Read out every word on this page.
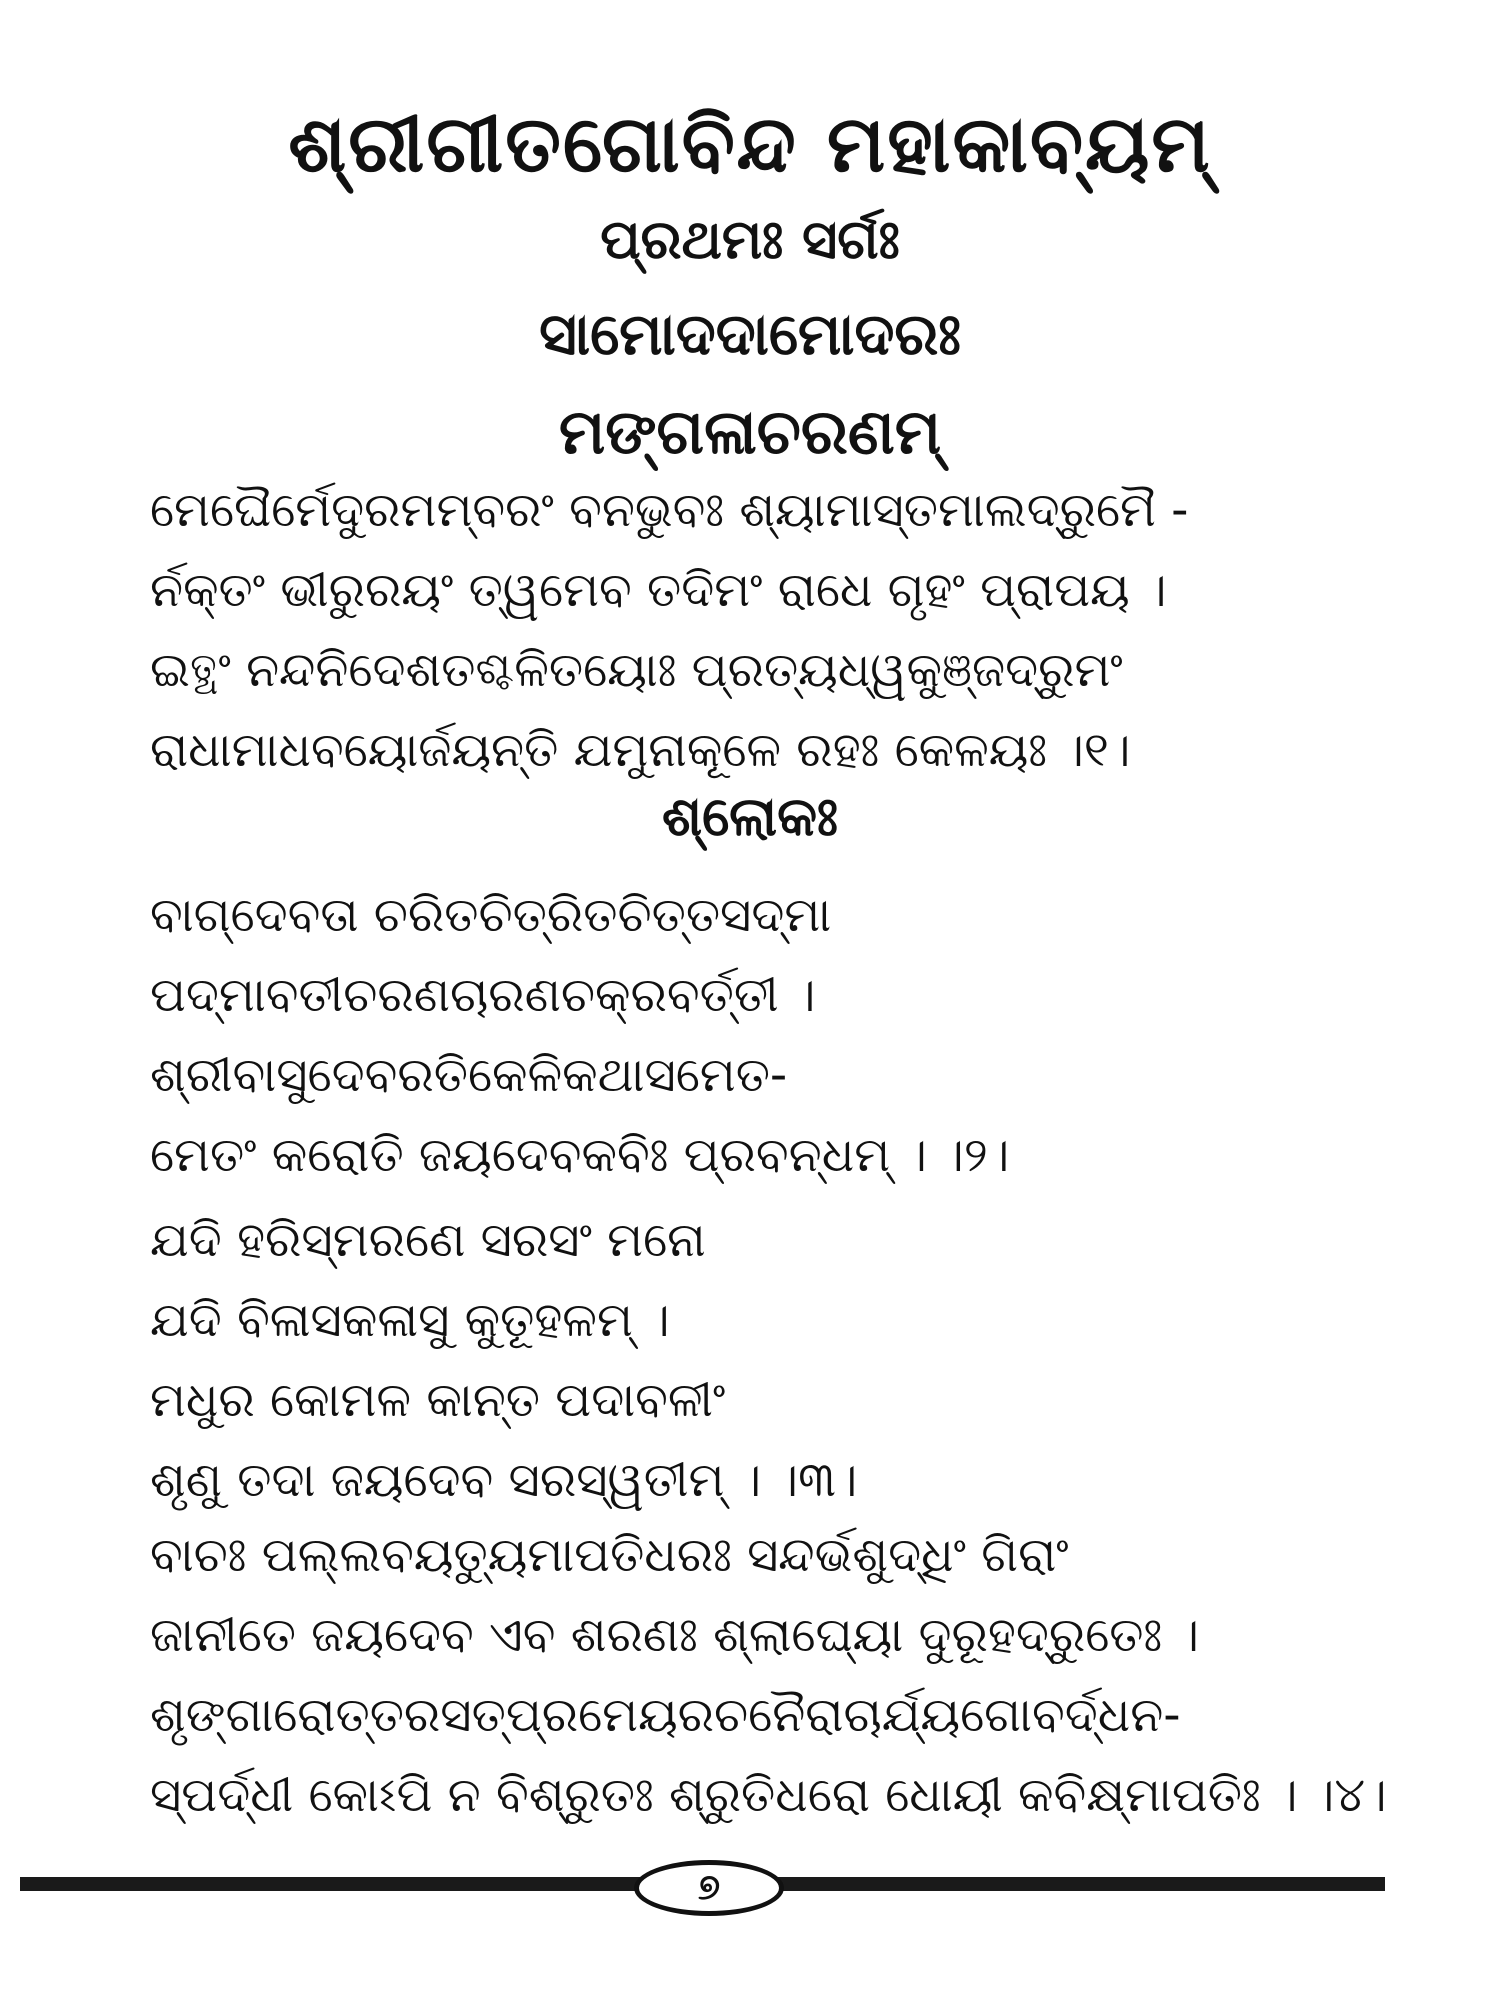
ଶ୍ରୀଗୀତଗୋବିନ୍ଦ ମହାକାବ୍ୟମ୍
ପ୍ରଥମଃ ସର୍ଗଃ
ସାମୋଦଦାମୋଦରଃ
ମଙ୍ଗଳାଚରଣମ୍
ମେଘୈର୍ମେଦୁରମମ୍ବରଂ ବନଭୁବଃ ଶ୍ୟାମାସ୍ତମାଲଦ୍ରୁମୈ -
ର୍ନକ୍ତଂ ଭୀରୁରୟଂ ତ୍ୱମେବ ତଦିମଂ ରାଧେ ଗୃହଂ ପ୍ରାପୟ ।
ଇତ୍ଥଂ ନନ୍ଦନିଦେଶତଶ୍ଚଳିତୟୋଃ ପ୍ରତ୍ୟଧ୍ୱକୁଞ୍ଜଦ୍ରୁମଂ
ରାଧାମାଧବୟୋର୍ଜୟନ୍ତି ଯମୁନାକୂଳେ ରହଃ କେଳୟଃ ।୧।
ଶ୍ଲୋକଃ
ବାଗ୍‌ଦେବତା ଚରିତଚିତ୍ରିତଚିତ୍ତସଦ୍ମା
ପଦ୍ମାବତୀଚରଣଚାରଣଚକ୍ରବର୍ତ୍ତୀ ।
ଶ୍ରୀବାସୁଦେବରତିକେଳିକଥାସମେତ-
ମେତଂ କରୋତି ଜୟଦେବକବିଃ ପ୍ରବନ୍ଧମ୍ । ।୨।
ଯଦି ହରିସ୍ମରଣେ ସରସଂ ମନୋ
ଯଦି ବିଳାସକଳାସୁ କୁତୂହଳମ୍ ।
ମଧୁର କୋମଳ କାନ୍ତ ପଦାବଳୀଂ
ଶୃଣୁ ତଦା ଜୟଦେବ ସରସ୍ୱତୀମ୍ । ।୩।
ବାଚଃ ପଲ୍ଲବୟତ୍ୟୁମାପତିଧରଃ ସନ୍ଦର୍ଭଶୁଦ୍ଧିଂ ଗିରାଂ
ଜାନୀତେ ଜୟଦେବ ଏବ ଶରଣଃ ଶ୍ଲାଘ୍ୟୋ ଦୁରୂହଦ୍ରୁତେଃ ।
ଶୃଙ୍ଗାରୋତ୍ତରସତ୍‌ପ୍ରମେୟରଚନୈରାଚାର୍ଯ୍ୟଗୋବର୍ଦ୍ଧନ-
ସ୍ପର୍ଦ୍ଧୀ କୋଽପି ନ ବିଶ୍ରୁତଃ ଶ୍ରୁତିଧରୋ ଧୋୟୀ କବିକ୍ଷ୍ମାପତିଃ । ।୪।
୭
